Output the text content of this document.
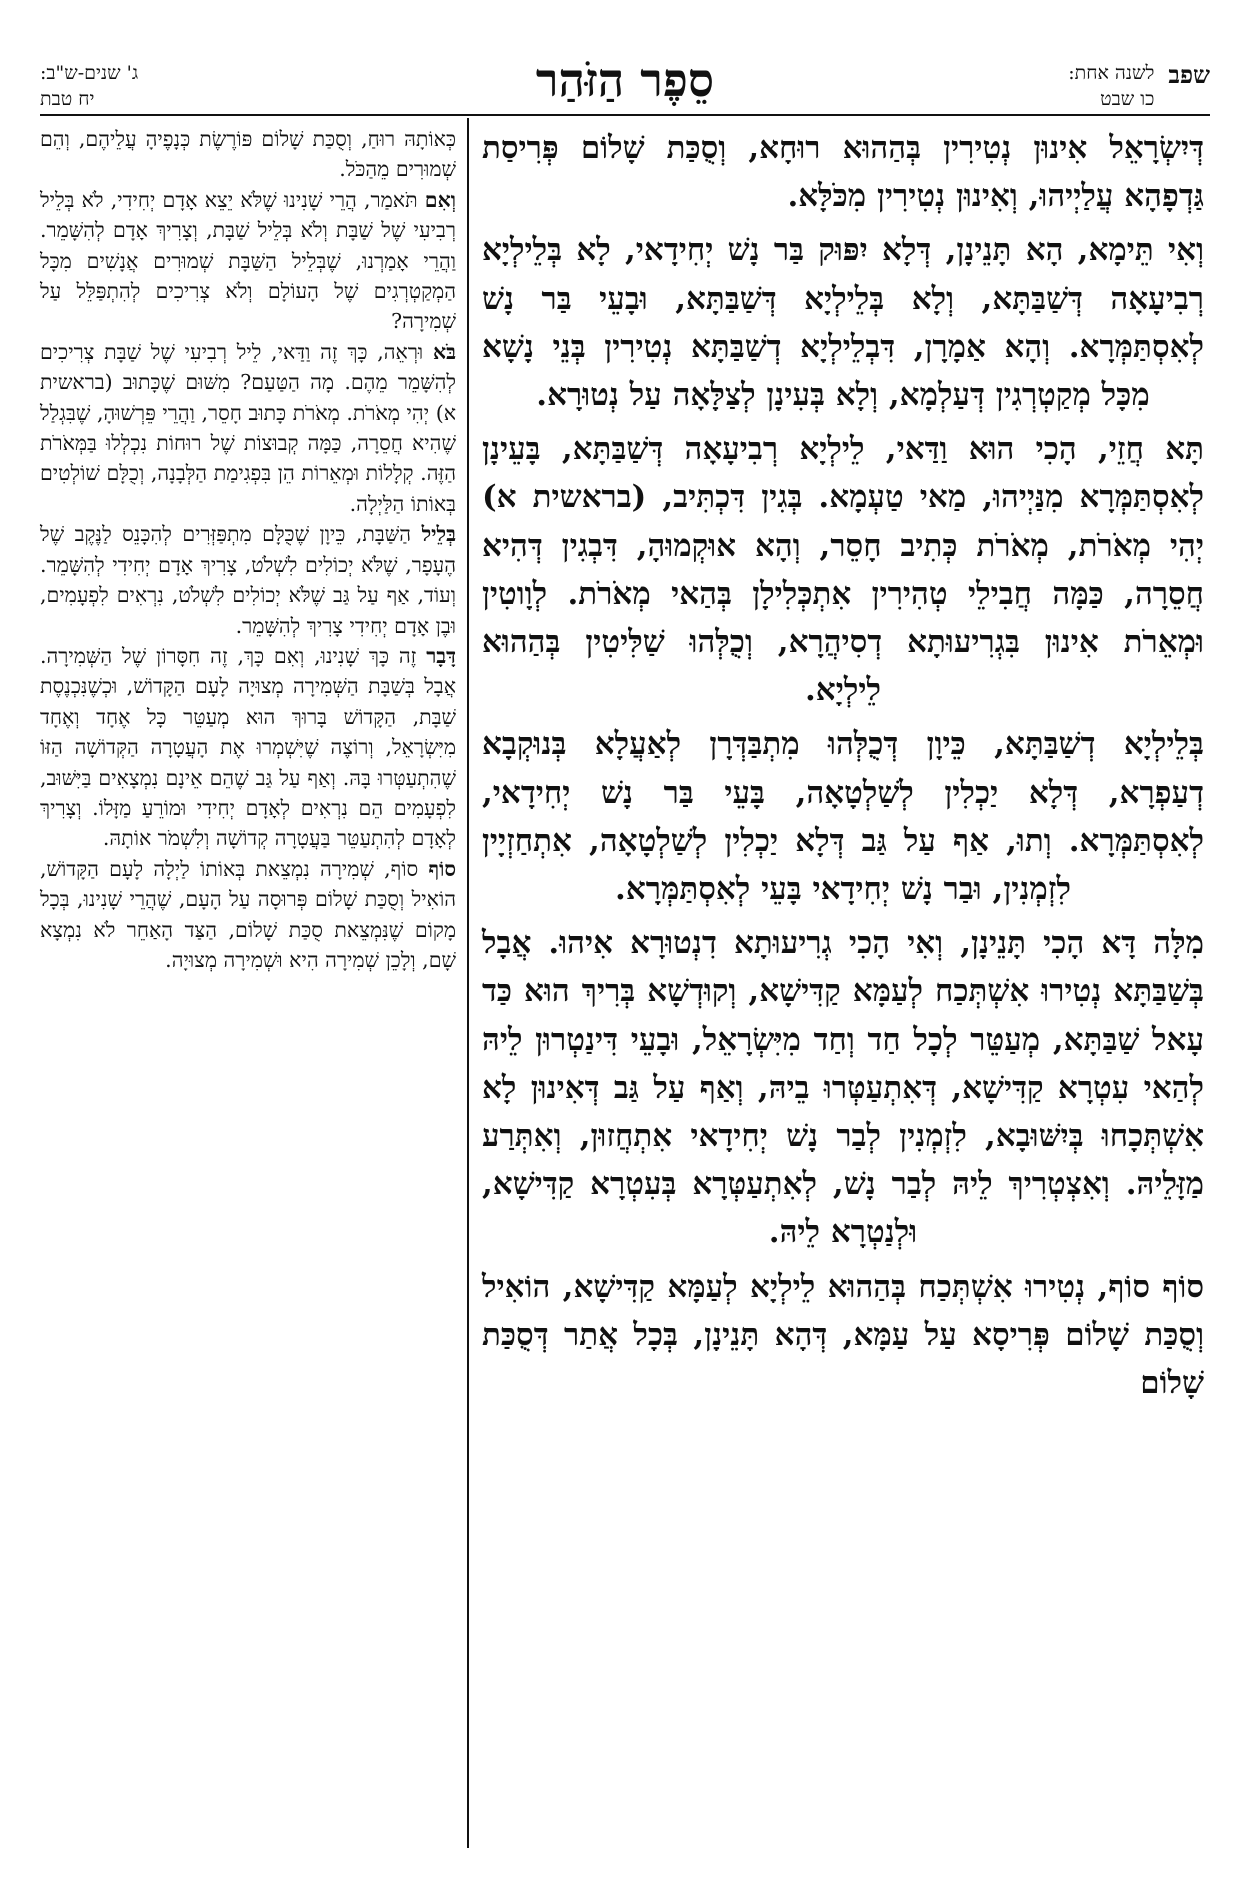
שפב
לשנה אחת:
כו שבט
סֵפֶר הַזֹּהַר
ג' שנים-ש"ב:
יח טבת

דְּיִשְׂרָאֵל אִינוּן נְטִירִין בְּהַהוּא רוּחָא, וְסֻכַּת שָׁלוֹם פְּרִיסַת גַּדְפָהָא עֲלַיְיהוּ, וְאִינוּן נְטִירִין מִכֹּלָּא.

וְאִי תֵּימָא, הָא תָּנֵינָן, דְּלָא יִפּוּק בַּר נָשׁ יְחִידָאי, לָא בְּלֵילְיָא רְבִיעָאָה דְּשַׁבַּתָּא, וְלָא בְּלֵילְיָא דְּשַׁבַּתָּא, וּבָעֵי בַּר נָשׁ לְאִסְתַּמְּרָא. וְהָא אַמָרָן, דִּבְלֵילְיָא דְשַׁבַּתָּא נְטִירִין בְּנֵי נָשָׁא מִכָּל מְקַטְרְגִין דְּעַלְמָא, וְלָא בְּעִינָן לְצַלָּאָה עַל נְטוּרָא.

תָּא חֲזֵי, הָכִי הוּא וַדַּאי, לֵילְיָא רְבִיעָאָה דְּשַׁבַּתָּא, בָּעֵינָן לְאִסְתַּמְּרָא מִנַּיְיהוּ, מַאי טַעְמָא. בְּגִין דִּכְתִּיב, (בראשית א) יְהִי מְאֹרֹת, מְאֹרֹת כְּתִיב חָסֵר, וְהָא אוּקְמוּהָ, דִּבְגִין דְּהִיא חֲסֵרָה, כַּמָּה חֲבִילֵי טְהִירִין אִתְכְּלִילָן בְּהַאי מְאֹרֹת. לְוָוטִין וּמְאֵרֹת אִינוּן בִּגְרִיעוּתָא דְסִיהֲרָא, וְכֻלְּהוּ שַׁלִּיטִין בְּהַהוּא לֵילְיָא.

בְּלֵילְיָא דְשַׁבַּתָּא, כֵּיוָן דְּכֻלְּהוּ מִתְבַּדְּרָן לְאַעֲלָא בְּנוּקְבָא דְעַפְרָא, דְּלָא יַכְלִין לְשַׁלְטָאָה, בָּעֵי בַּר נָשׁ יְחִידָאי, לְאִסְתַּמְּרָא. וְתוּ, אַף עַל גַּב דְּלָא יַכְלִין לְשַׁלְטָאָה, אִתְחַזְיָין לִזְמְנִין, וּבַר נָשׁ יְחִידָאי בָּעֵי לְאִסְתַּמְּרָא.

מִלָּה דָּא הָכִי תָּנֵינָן, וְאִי הָכִי גְרִיעוּתָא דִנְטוּרָא אִיהוּ. אֲבָל בְּשַׁבַּתָּא נְטִירוּ אִשְׁתְּכַח לְעַמָּא קַדִּישָׁא, וְקוּדְשָׁא בְּרִיךְ הוּא כַּד עָאל שַׁבַּתָּא, מְעַטֵּר לְכָל חַד וְחַד מִיִּשְׂרָאֵל, וּבָעֵי דִּינַטְרוּן לֵיהּ לְהַאי עִטְרָא קַדִּישָׁא, דְּאִתְעַטְּרוּ בֵיהּ, וְאַף עַל גַּב דְּאִינוּן לָא אִשְׁתְּכָחוּ בְּיִשּׁוּבָא, לִזְמְנִין לְבַר נָשׁ יְחִידָאי אִתְחֲזוּן, וְאִתְּרַע מַזָּלֵיהּ. וְאִצְטְרִיךְ לֵיהּ לְבַר נָשׁ, לְאִתְעַטְּרָא בְּעִטְרָא קַדִּישָׁא, וּלְנַטְרָא לֵיהּ.

סוֹף סוֹף, נְטִירוּ אִשְׁתְּכַח בְּהַהוּא לֵילְיָא לְעַמָּא קַדִּישָׁא, הוֹאִיל וְסֻכַּת שָׁלוֹם פְּרִיסָא עַל עַמָּא, דְּהָא תָּנֵינָן, בְּכָל אֲתַר דְּסֻכַּת שָׁלוֹם

כְּאוֹתָהּ רוּחַ, וְסֻכַּת שָׁלוֹם פּוֹרֶשֶׂת כְּנָפֶיהָ עֲלֵיהֶם, וְהֵם שְׁמוּרִים מֵהַכֹּל.

וְאִם תֹּאמַר, הֲרֵי שָׁנִינוּ שֶׁלֹּא יֵצֵא אָדָם יְחִידִי, לֹא בְּלֵיל רְבִיעִי שֶׁל שַׁבָּת וְלֹא בְּלֵיל שַׁבָּת, וְצָרִיךְ אָדָם לְהִשָּׁמֵר. וַהֲרֵי אָמַרְנוּ, שֶׁבְּלֵיל הַשַּׁבָּת שְׁמוּרִים אֲנָשִׁים מִכָּל הַמְקַטְרְגִים שֶׁל הָעוֹלָם וְלֹא צְרִיכִים לְהִתְפַּלֵּל עַל שְׁמִירָה?

בֹּא וּרְאֵה, כָּךְ זֶה וַדַּאי, לֵיל רְבִיעִי שֶׁל שַׁבָּת צְרִיכִים לְהִשָּׁמֵר מֵהֶם. מָה הַטַּעַם? מִשּׁוּם שֶׁכָּתוּב (בראשית א) יְהִי מְאֹרֹת. מְאֹרֹת כָּתוּב חָסֵר, וַהֲרֵי פֵּרְשׁוּהָ, שֶׁבִּגְלַל שֶׁהִיא חֲסֵרָה, כַּמָּה קְבוּצוֹת שֶׁל רוּחוֹת נִכְלְלוּ בַּמְּאֹרֹת הַזֶּה. קְלָלוֹת וּמְאֵרוֹת הֵן בִּפְגִימַת הַלְּבָנָה, וְכֻלָּם שׁוֹלְטִים בְּאוֹתוֹ הַלַּיְלָה.

בְּלֵיל הַשַּׁבָּת, כֵּיוָן שֶׁכֻּלָּם מִתְפַּזְּרִים לְהִכָּנֵס לַנֶּקֶב שֶׁל הֶעָפָר, שֶׁלֹּא יְכוֹלִים לִשְׁלֹט, צָרִיךְ אָדָם יְחִידִי לְהִשָּׁמֵר. וְעוֹד, אַף עַל גַּב שֶׁלֹּא יְכוֹלִים לִשְׁלֹט, נִרְאִים לִפְעָמִים, וּבֶן אָדָם יְחִידִי צָרִיךְ לְהִשָּׁמֵר.

דָּבָר זֶה כָּךְ שָׁנִינוּ, וְאִם כָּךְ, זֶה חִסָּרוֹן שֶׁל הַשְּׁמִירָה. אֲבָל בְּשַׁבָּת הַשְּׁמִירָה מְצוּיָה לָעָם הַקָּדוֹשׁ, וּכְשֶׁנִּכְנֶסֶת שַׁבָּת, הַקָּדוֹשׁ בָּרוּךְ הוּא מְעַטֵּר כָּל אֶחָד וְאֶחָד מִיִּשְׂרָאֵל, וְרוֹצֶה שֶׁיִּשְׁמְרוּ אֶת הָעֲטָרָה הַקְּדוֹשָׁה הַזּוֹ שֶׁהִתְעַטְּרוּ בָּהּ. וְאַף עַל גַּב שֶׁהֵם אֵינָם נִמְצָאִים בַּיִּשּׁוּב, לִפְעָמִים הֵם נִרְאִים לְאָדָם יְחִידִי וּמוֹרֵעַ מַזָּלוֹ. וְצָרִיךְ לְאָדָם לְהִתְעַטֵּר בַּעֲטָרָה קְדוֹשָׁה וְלִשְׁמֹר אוֹתָהּ.

סוֹף סוֹף, שְׁמִירָה נִמְצֵאת בְּאוֹתוֹ לַיְלָה לָעָם הַקָּדוֹשׁ, הוֹאִיל וְסֻכַּת שָׁלוֹם פְּרוּסָה עַל הָעָם, שֶׁהֲרֵי שָׁנִינוּ, בְּכָל מָקוֹם שֶׁנִּמְצֵאת סֻכַּת שָׁלוֹם, הַצַּד הָאַחֵר לֹא נִמְצָא שָׁם, וְלָכֵן שְׁמִירָה הִיא וּשְׁמִירָה מְצוּיָה.
